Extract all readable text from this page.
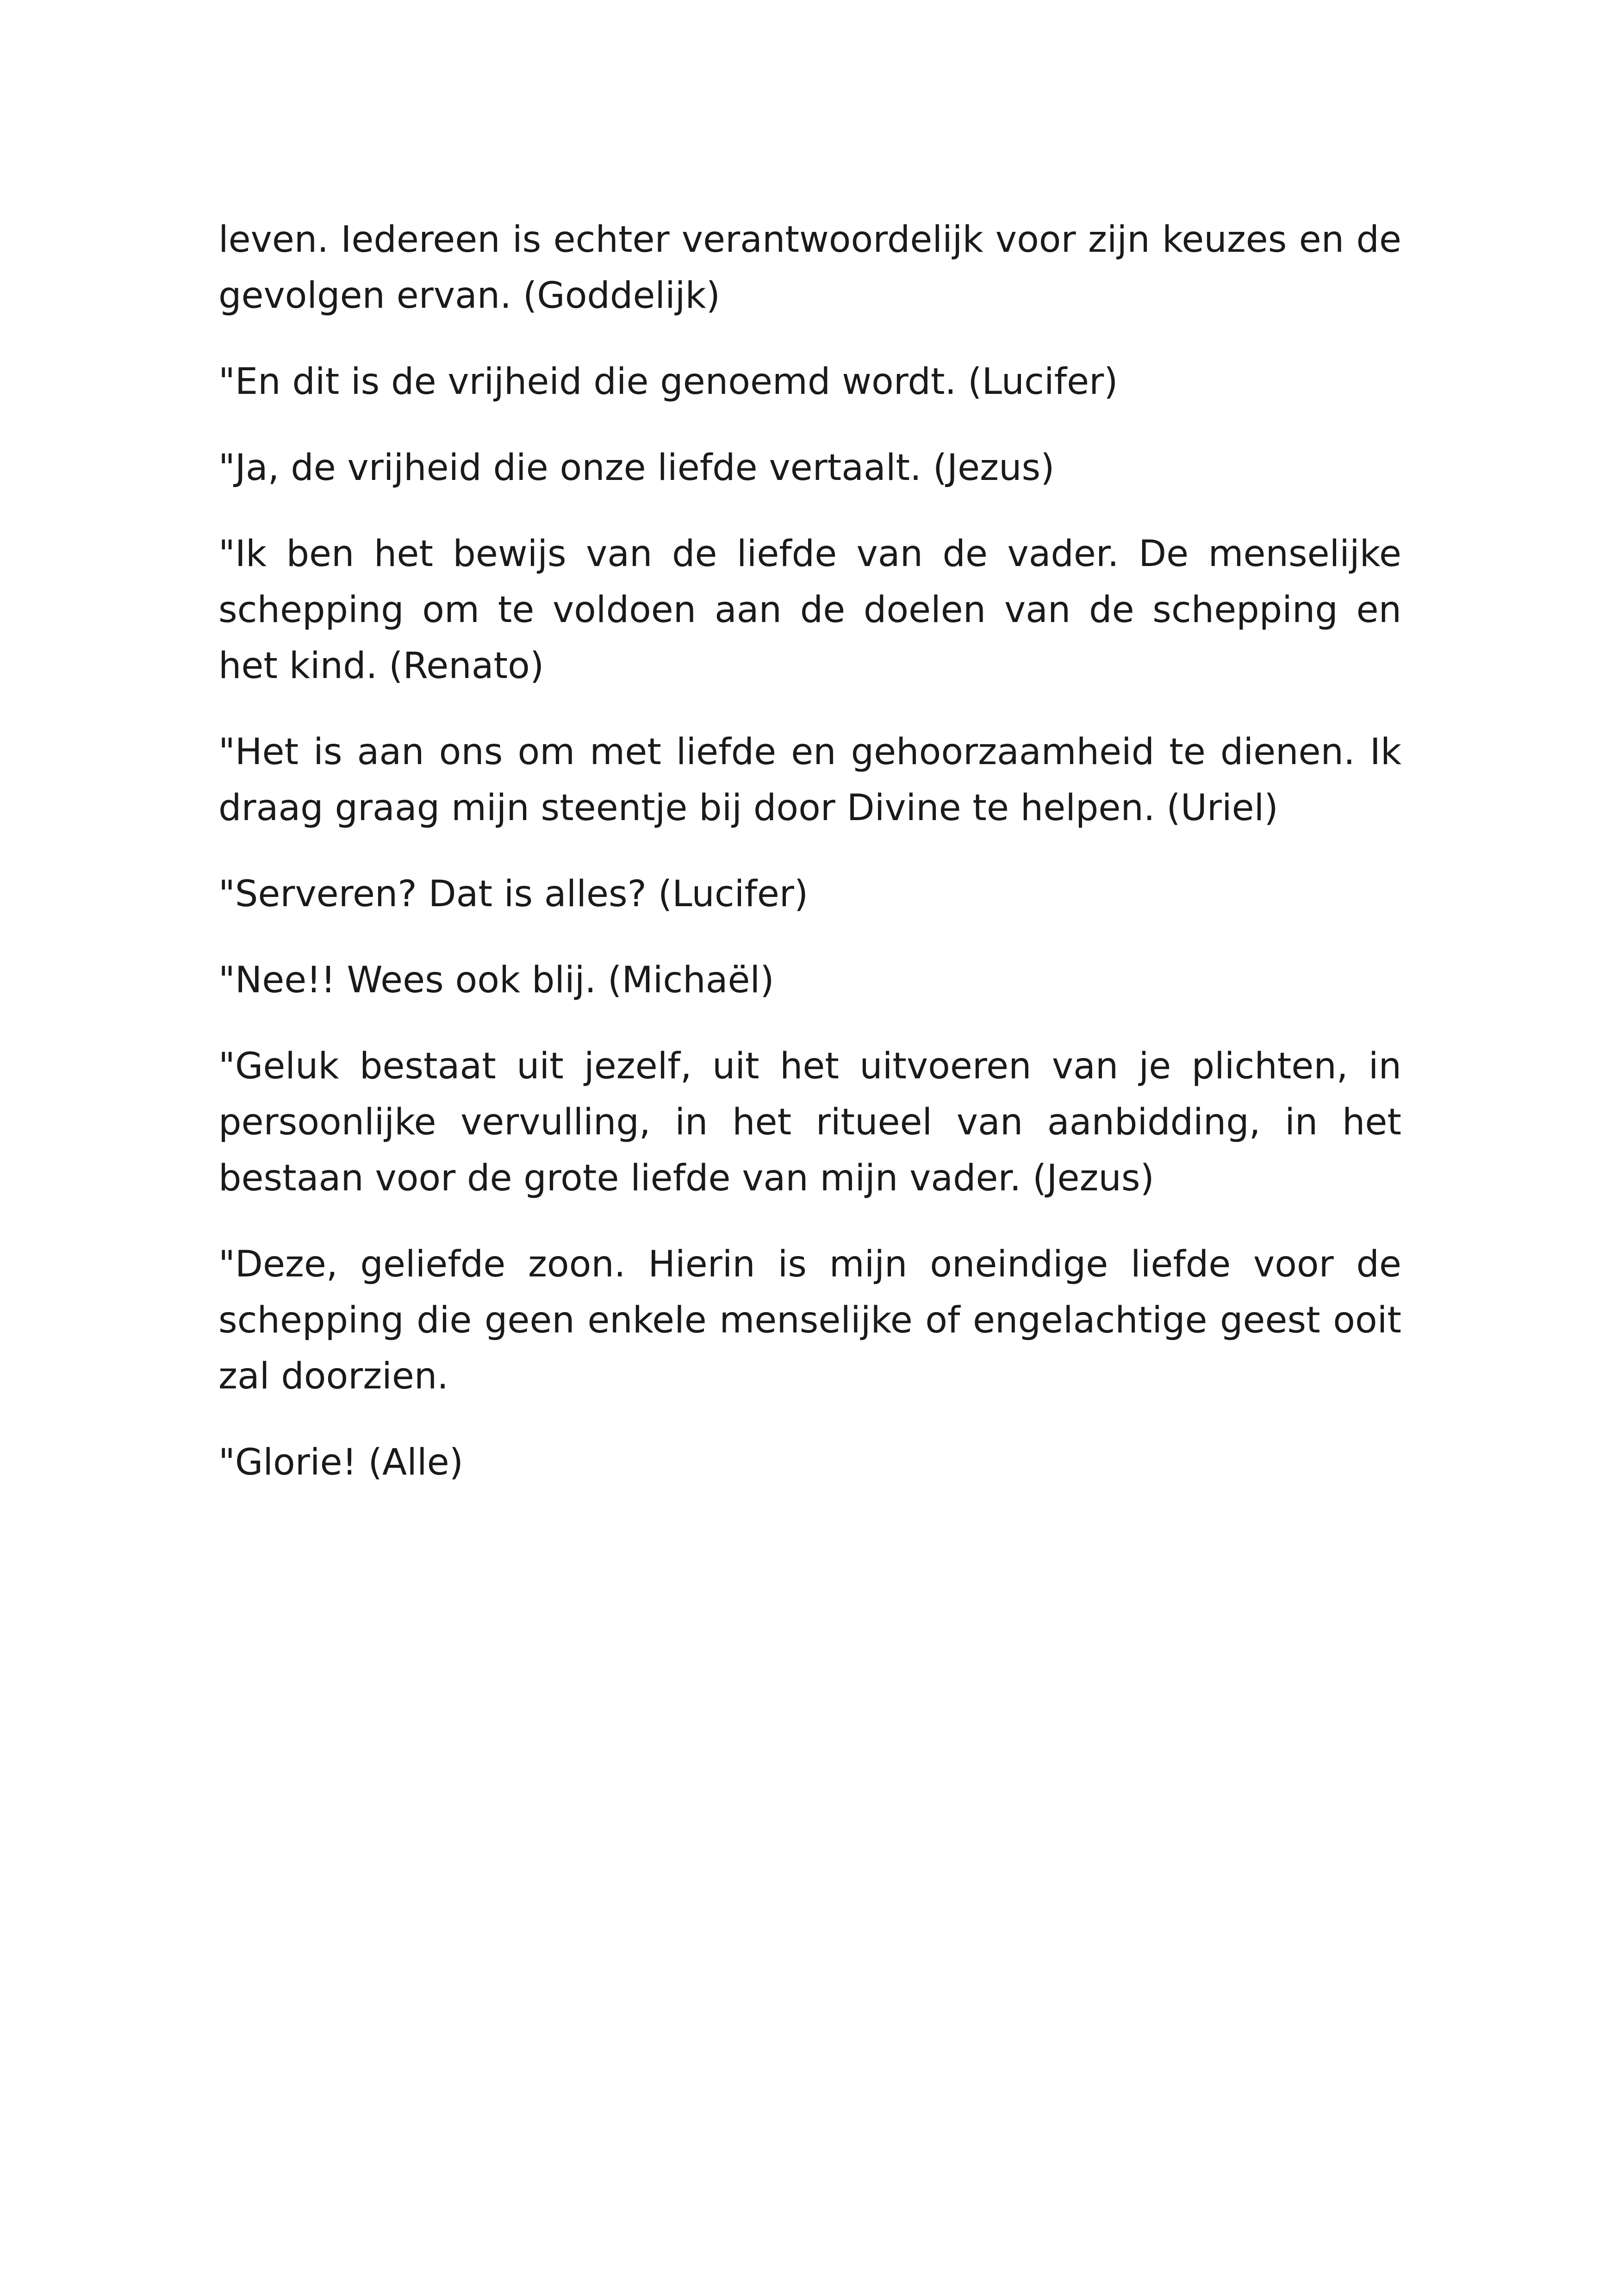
leven. Iedereen is echter verantwoordelijk voor zijn keuzes en de gevolgen ervan. (Goddelijk)

"En dit is de vrijheid die genoemd wordt. (Lucifer)

"Ja, de vrijheid die onze liefde vertaalt. (Jezus)

"Ik ben het bewijs van de liefde van de vader. De menselijke schepping om te voldoen aan de doelen van de schepping en het kind. (Renato)

"Het is aan ons om met liefde en gehoorzaamheid te dienen. Ik draag graag mijn steentje bij door Divine te helpen. (Uriel)

"Serveren? Dat is alles? (Lucifer)

"Nee!! Wees ook blij. (Michaël)

"Geluk bestaat uit jezelf, uit het uitvoeren van je plichten, in persoonlijke vervulling, in het ritueel van aanbidding, in het bestaan voor de grote liefde van mijn vader. (Jezus)

"Deze, geliefde zoon. Hierin is mijn oneindige liefde voor de schepping die geen enkele menselijke of engelachtige geest ooit zal doorzien.

"Glorie! (Alle)
